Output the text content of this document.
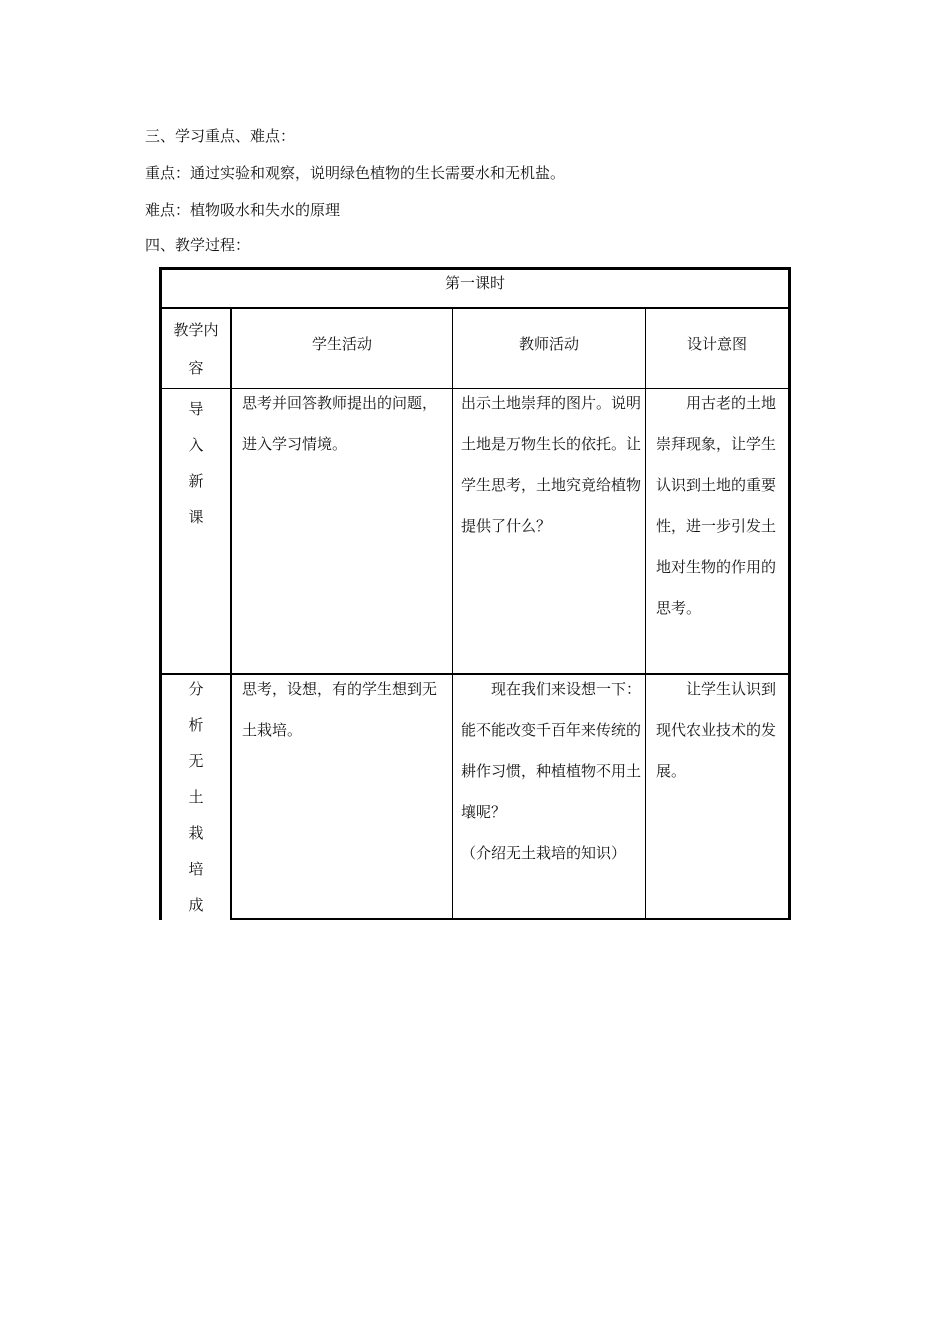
三、学习重点、难点：
重点：通过实验和观察，说明绿色植物的生长需要水和无机盐。
难点：植物吸水和失水的原理
四、教学过程：
第一课时
教学内
容
学生活动	教师活动	设计意图
导
入
新
课
思考并回答教师提出的问题，进入学习情境。
出示土地崇拜的图片。说明土地是万物生长的依托。让学生思考，土地究竟给植物提供了什么？
用古老的土地崇拜现象，让学生认识到土地的重要性，进一步引发土地对生物的作用的思考。
分
析
无
土
栽
培
成
思考，设想，有的学生想到无土栽培。
现在我们来设想一下：能不能改变千百年来传统的耕作习惯，种植植物不用土壤呢？
（介绍无土栽培的知识）
让学生认识到现代农业技术的发展。
